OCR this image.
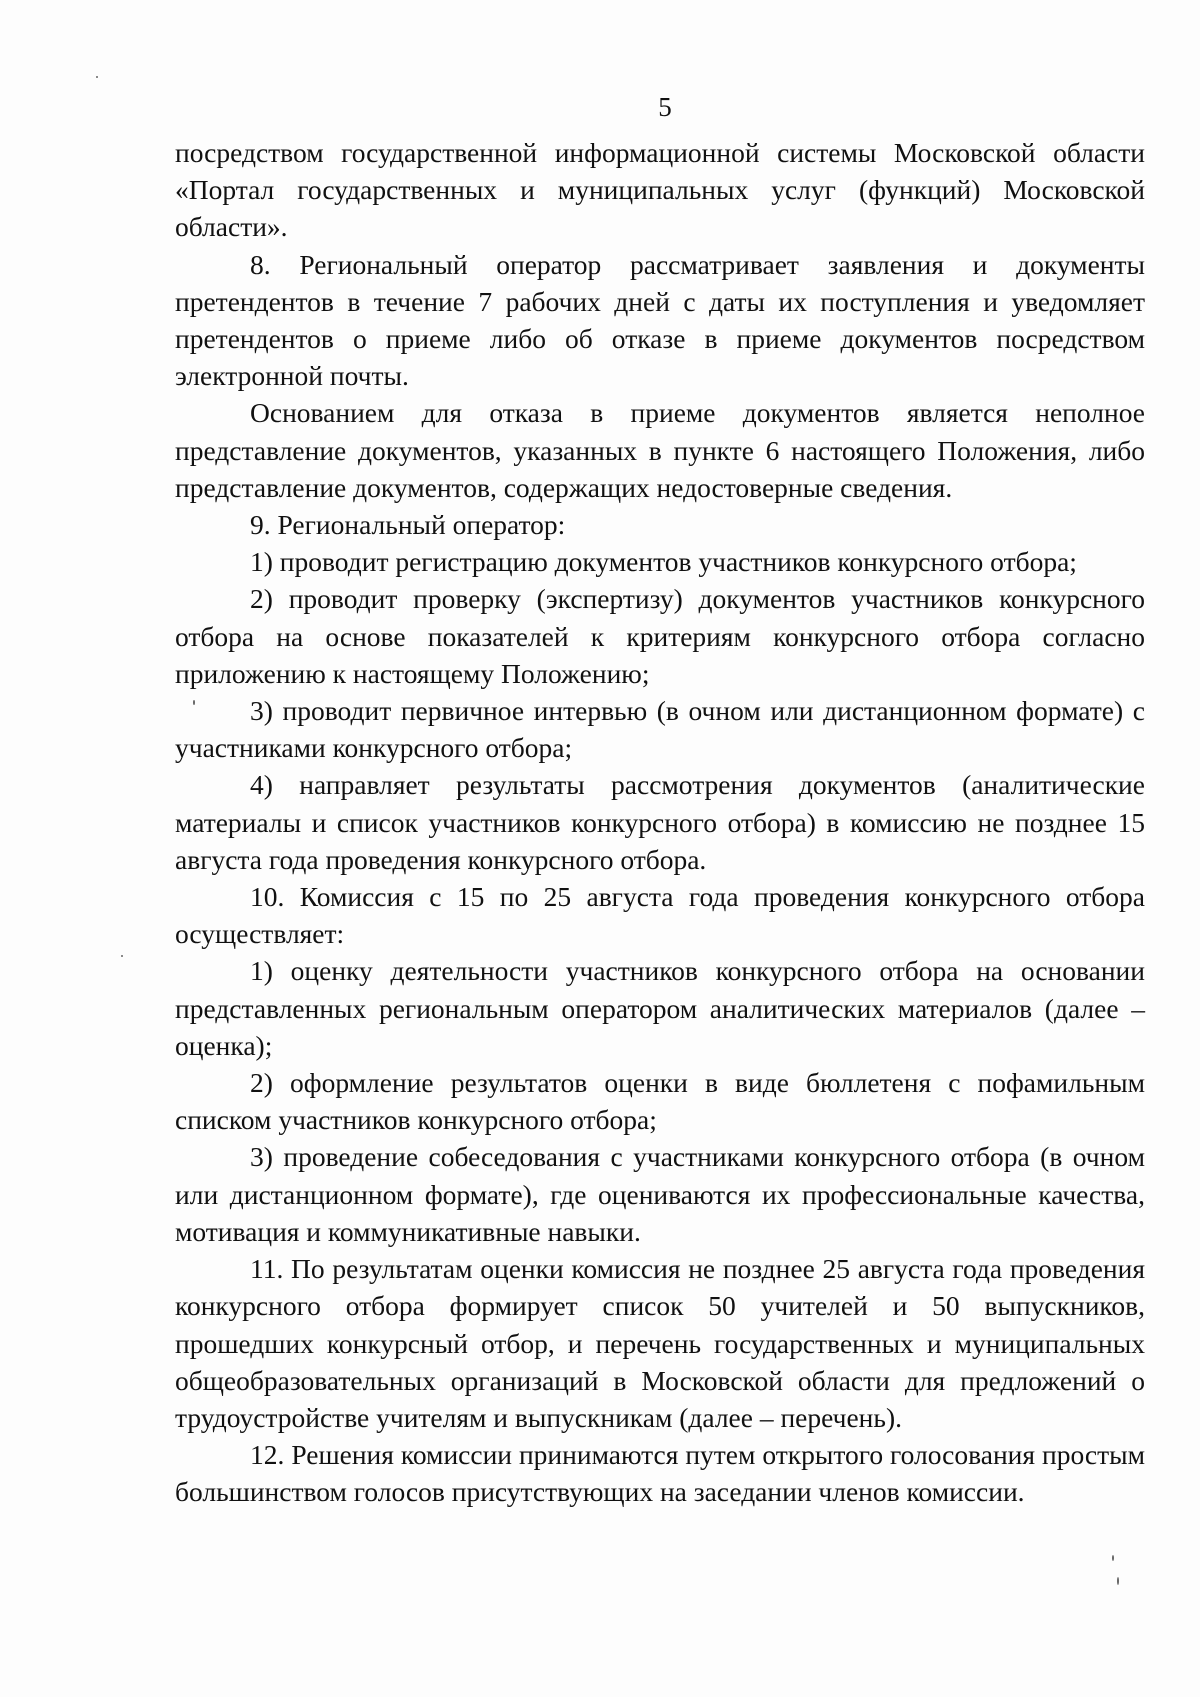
5

посредством государственной информационной системы Московской области «Портал государственных и муниципальных услуг (функций) Московской области».

8. Региональный оператор рассматривает заявления и документы претендентов в течение 7 рабочих дней с даты их поступления и уведомляет претендентов о приеме либо об отказе в приеме документов посредством электронной почты.

Основанием для отказа в приеме документов является неполное представление документов, указанных в пункте 6 настоящего Положения, либо представление документов, содержащих недостоверные сведения.

9. Региональный оператор:

1) проводит регистрацию документов участников конкурсного отбора;

2) проводит проверку (экспертизу) документов участников конкурсного отбора на основе показателей к критериям конкурсного отбора согласно приложению к настоящему Положению;

3) проводит первичное интервью (в очном или дистанционном формате) с участниками конкурсного отбора;

4) направляет результаты рассмотрения документов (аналитические материалы и список участников конкурсного отбора) в комиссию не позднее 15 августа года проведения конкурсного отбора.

10. Комиссия с 15 по 25 августа года проведения конкурсного отбора осуществляет:

1) оценку деятельности участников конкурсного отбора на основании представленных региональным оператором аналитических материалов (далее – оценка);

2) оформление результатов оценки в виде бюллетеня с пофамильным списком участников конкурсного отбора;

3) проведение собеседования с участниками конкурсного отбора (в очном или дистанционном формате), где оцениваются их профессиональные качества, мотивация и коммуникативные навыки.

11. По результатам оценки комиссия не позднее 25 августа года проведения конкурсного отбора формирует список 50 учителей и 50 выпускников, прошедших конкурсный отбор, и перечень государственных и муниципальных общеобразовательных организаций в Московской области для предложений о трудоустройстве учителям и выпускникам (далее – перечень).

12. Решения комиссии принимаются путем открытого голосования простым большинством голосов присутствующих на заседании членов комиссии.
